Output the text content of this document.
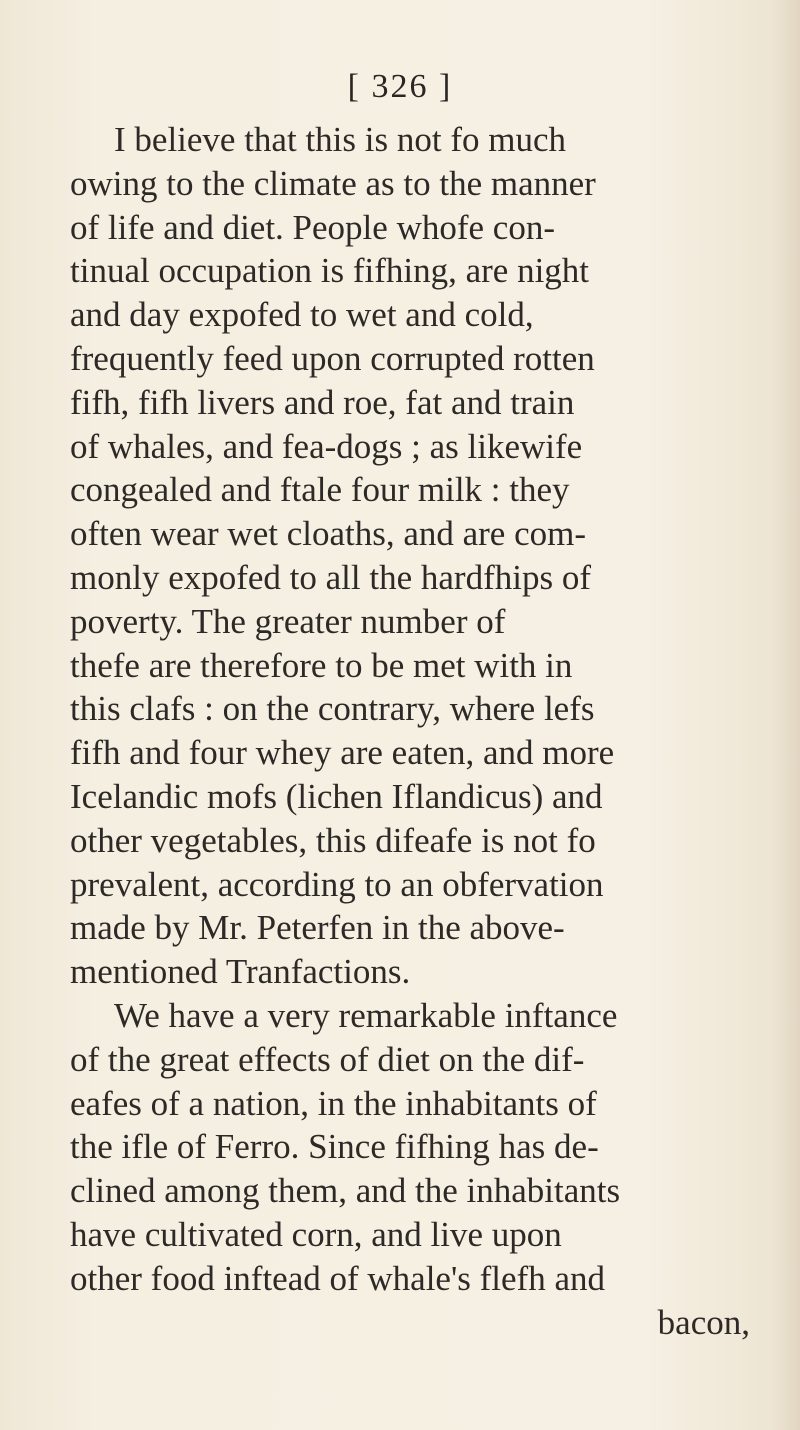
[ 326 ]
I believe that this is not fo much
owing to the climate as to the manner
of life and diet. People whofe con-
tinual occupation is fifhing, are night
and day expofed to wet and cold,
frequently feed upon corrupted rotten
fifh, fifh livers and roe, fat and train
of whales, and fea-dogs ; as likewife
congealed and ftale four milk : they
often wear wet cloaths, and are com-
monly expofed to all the hardfhips of
poverty. The greater number of
thefe are therefore to be met with in
this clafs : on the contrary, where lefs
fifh and four whey are eaten, and more
Icelandic mofs (lichen Iflandicus) and
other vegetables, this difeafe is not fo
prevalent, according to an obfervation
made by Mr. Peterfen in the above-
mentioned Tranfactions.
We have a very remarkable inftance
of the great effects of diet on the dif-
eafes of a nation, in the inhabitants of
the ifle of Ferro. Since fifhing has de-
clined among them, and the inhabitants
have cultivated corn, and live upon
other food inftead of whale's flefh and
bacon,
